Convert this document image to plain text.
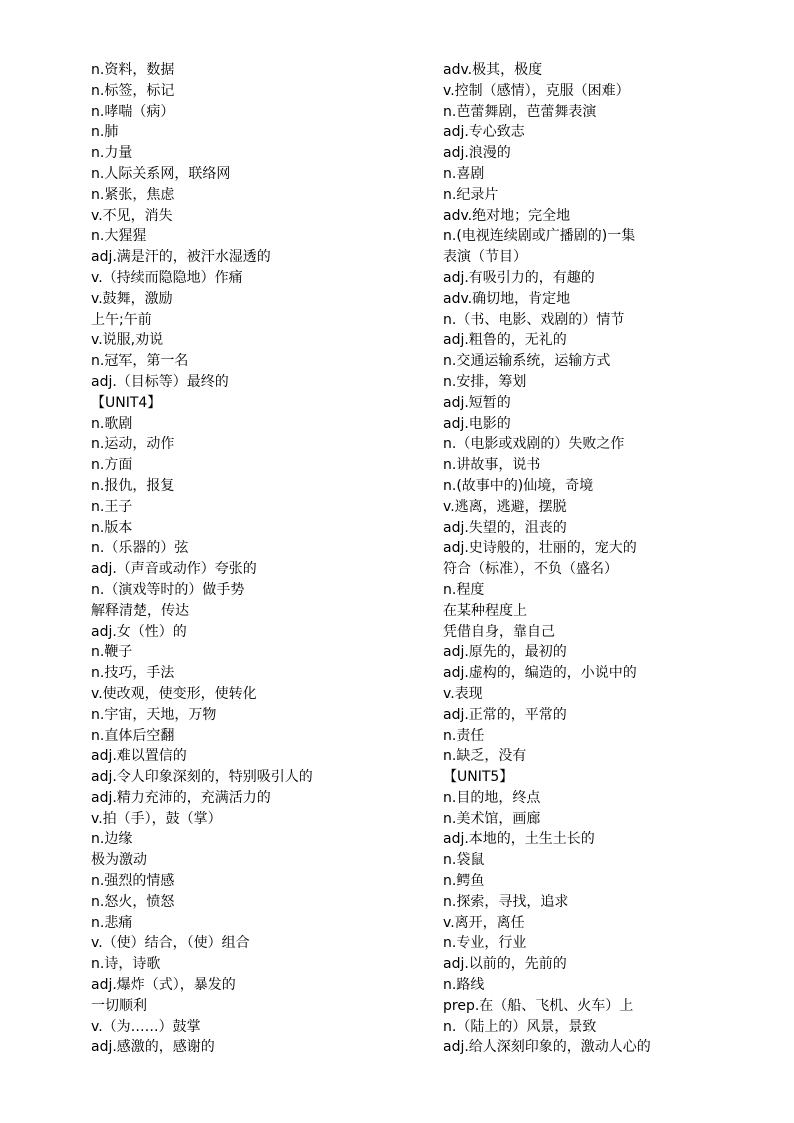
n.资料，数据
n.标签，标记
n.哮喘（病）
n.肺
n.力量
n.人际关系网，联络网
n.紧张，焦虑
v.不见，消失
n.大猩猩
adj.满是汗的，被汗水湿透的
v.（持续而隐隐地）作痛
v.鼓舞，激励
上午;午前
v.说服,劝说
n.冠军，第一名
adj.（目标等）最终的
【UNIT4】
n.歌剧
n.运动，动作
n.方面
n.报仇，报复
n.王子
n.版本
n.（乐器的）弦
adj.（声音或动作）夸张的
n.（演戏等时的）做手势
解释清楚，传达
adj.女（性）的
n.鞭子
n.技巧，手法
v.使改观，使变形，使转化
n.宇宙，天地，万物
n.直体后空翻
adj.难以置信的
adj.令人印象深刻的，特别吸引人的
adj.精力充沛的，充满活力的
v.拍（手），鼓（掌）
n.边缘
极为激动
n.强烈的情感
n.怒火，愤怒
n.悲痛
v.（使）结合，（使）组合
n.诗，诗歌
adj.爆炸（式），暴发的
一切顺利
v.（为……）鼓掌
adj.感激的，感谢的
adv.极其，极度
v.控制（感情），克服（困难）
n.芭蕾舞剧，芭蕾舞表演
adj.专心致志
adj.浪漫的
n.喜剧
n.纪录片
adv.绝对地；完全地
n.(电视连续剧或广播剧的)一集
表演（节目）
adj.有吸引力的，有趣的
adv.确切地，肯定地
n.（书、电影、戏剧的）情节
adj.粗鲁的，无礼的
n.交通运输系统，运输方式
n.安排，筹划
adj.短暂的
adj.电影的
n.（电影或戏剧的）失败之作
n.讲故事，说书
n.(故事中的)仙境，奇境
v.逃离，逃避，摆脱
adj.失望的，沮丧的
adj.史诗般的，壮丽的，宠大的
符合（标准），不负（盛名）
n.程度
在某种程度上
凭借自身，靠自己
adj.原先的，最初的
adj.虚构的，编造的，小说中的
v.表现
adj.正常的，平常的
n.责任
n.缺乏，没有
【UNIT5】
n.目的地，终点
n.美术馆，画廊
adj.本地的，土生土长的
n.袋鼠
n.鳄鱼
n.探索，寻找，追求
v.离开，离任
n.专业，行业
adj.以前的，先前的
n.路线
prep.在（船、飞机、火车）上
n.（陆上的）风景，景致
adj.给人深刻印象的，激动人心的
